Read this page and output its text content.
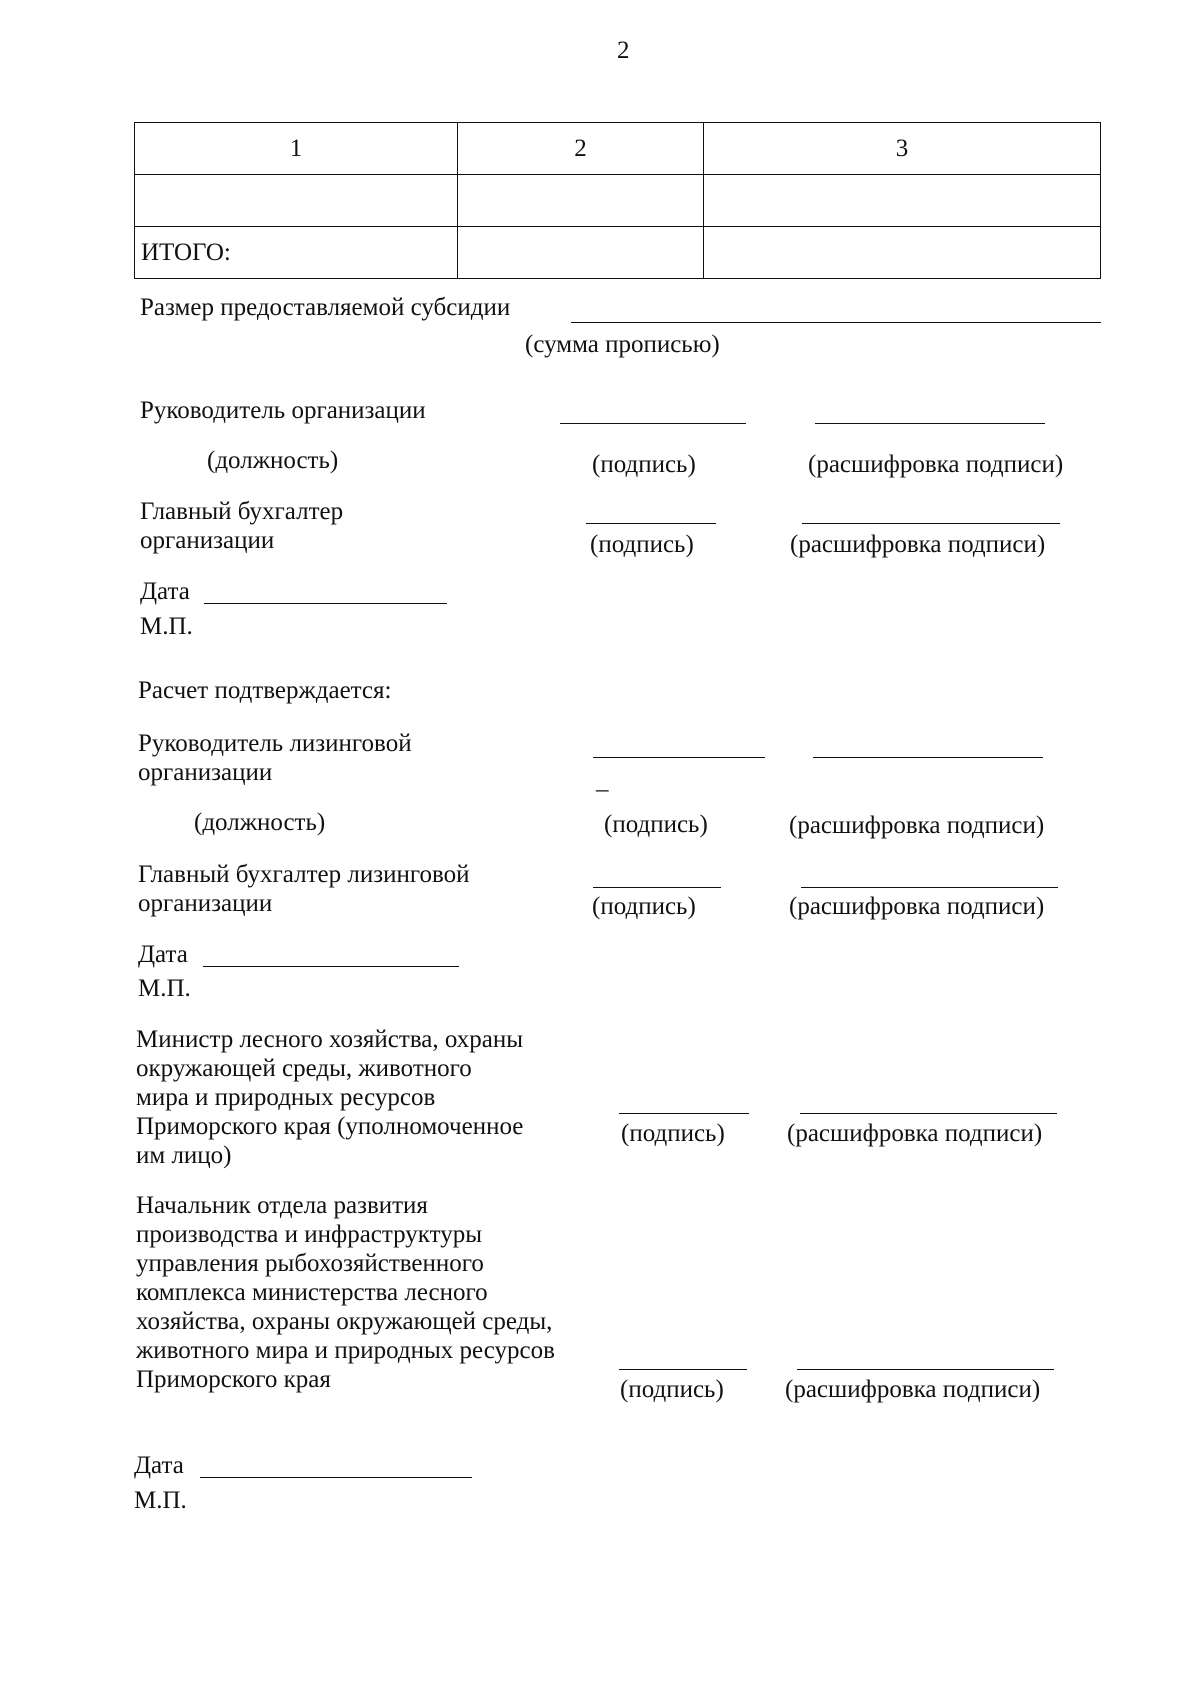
2
1	2	3

ИТОГО:		
Размер предоставляемой субсидии
(сумма прописью)
Руководитель организации
(должность)	(подпись)	(расшифровка подписи)
Главный бухгалтер организации	(подпись)	(расшифровка подписи)
Дата
М.П.
Расчет подтверждается:
Руководитель лизинговой организации	_
(должность)	(подпись)	(расшифровка подписи)
Главный бухгалтер лизинговой организации	(подпись)	(расшифровка подписи)
Дата
М.П.
Министр лесного хозяйства, охраны окружающей среды, животного мира и природных ресурсов Приморского края (уполномоченное им лицо)
(подпись) (расшифровка подписи)
Начальник отдела развития производства и инфраструктуры управления рыбохозяйственного комплекса министерства лесного хозяйства, охраны окружающей среды, животного мира и природных ресурсов Приморского края	(подпись) (расшифровка подписи)
Дата
М.П.
